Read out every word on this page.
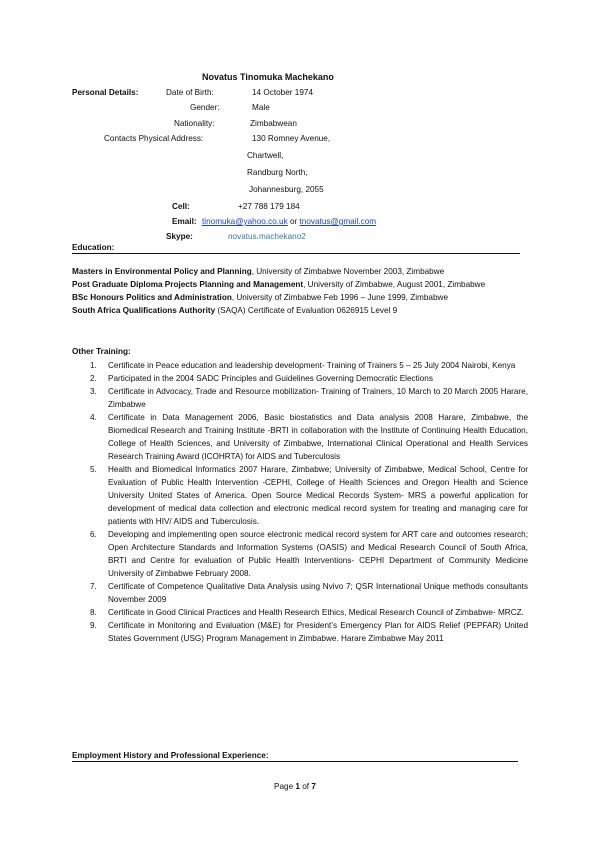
Novatus Tinomuka Machekano
Personal Details:	Date of Birth:	14 October 1974
Gender:	Male
Nationality:	Zimbabwean
Contacts Physical Address:	130 Romney Avenue,
Chartwell,
Randburg North,
Johannesburg, 2055
Cell:	+27 788 179 184
Email: tinomuka@yahoo.co.uk or tnovatus@gmail.com
Skype:	novatus.machekano2
Education:

Masters in Environmental Policy and Planning, University of Zimbabwe November 2003, Zimbabwe

Post Graduate Diploma Projects Planning and Management, University of Zimbabwe, August 2001, Zimbabwe

BSc Honours Politics and Administration, University of Zimbabwe Feb 1996 – June 1999, Zimbabwe

South Africa Qualifications Authority (SAQA) Certificate of Evaluation 0626915 Level 9

Other Training:
1. Certificate in Peace education and leadership development- Training of Trainers 5 – 25 July 2004 Nairobi, Kenya
2. Participated in the 2004 SADC Principles and Guidelines Governing Democratic Elections
3. Certificate in Advocacy, Trade and Resource mobilization- Training of Trainers, 10 March to 20 March 2005 Harare, Zimbabwe
4. Certificate in Data Management 2006, Basic biostatistics and Data analysis 2008 Harare, Zimbabwe, the Biomedical Research and Training Institute -BRTI in collaboration with the Institute of Continuing Health Education, College of Health Sciences, and University of Zimbabwe, International Clinical Operational and Health Services Research Training Award (ICOHRTA) for AIDS and Tuberculosis
5. Health and Biomedical Informatics 2007 Harare, Zimbabwe; University of Zimbabwe, Medical School, Centre for Evaluation of Public Health Intervention -CEPHI, College of Health Sciences and Oregon Health and Science University United States of America. Open Source Medical Records System- MRS a powerful application for development of medical data collection and electronic medical record system for treating and managing care for patients with HIV/ AIDS and Tuberculosis.
6. Developing and implementing open source electronic medical record system for ART care and outcomes research; Open Architecture Standards and Information Systems (OASIS) and Medical Research Council of South Africa, BRTI and Centre for evaluation of Public Health Interventions- CEPHI Department of Community Medicine University of Zimbabwe February 2008.
7. Certificate of Competence Qualitative Data Analysis using Nvivo 7; QSR International Unique methods consultants November 2009
8. Certificate in Good Clinical Practices and Health Research Ethics, Medical Research Council of Zimbabwe- MRCZ.
9. Certificate in Monitoring and Evaluation (M&E) for President’s Emergency Plan for AIDS Relief (PEPFAR) United States Government (USG) Program Management in Zimbabwe. Harare Zimbabwe May 2011
Employment History and Professional Experience:
Page 1 of 7
